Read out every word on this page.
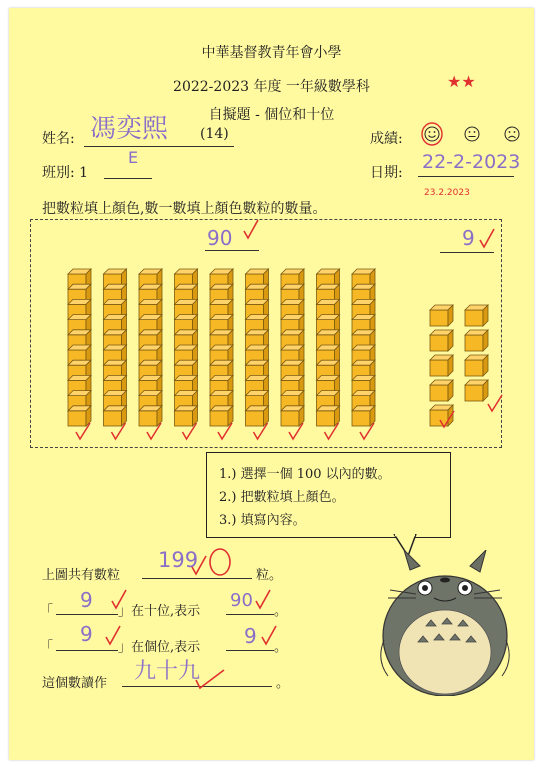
中華基督教青年會小學
2022-2023 年度 一年級數學科	★★
自擬題 - 個位和十位
姓名: 馮奕熙 (14)	成績:
班別: 1
E
日期: 22-2-2023
23.2.2023
把數粒填上顏色,數一數填上顏色數粒的數量。
90	9
1.) 選擇一個 100 以內的數。
2.) 把數粒填上顏色。
3.) 填寫內容。
上圖共有數粒
199
粒。
「 9 」在十位,表示
90
。
「
9
」在個位,表示 9 。
這個數讀作 九十九	。
